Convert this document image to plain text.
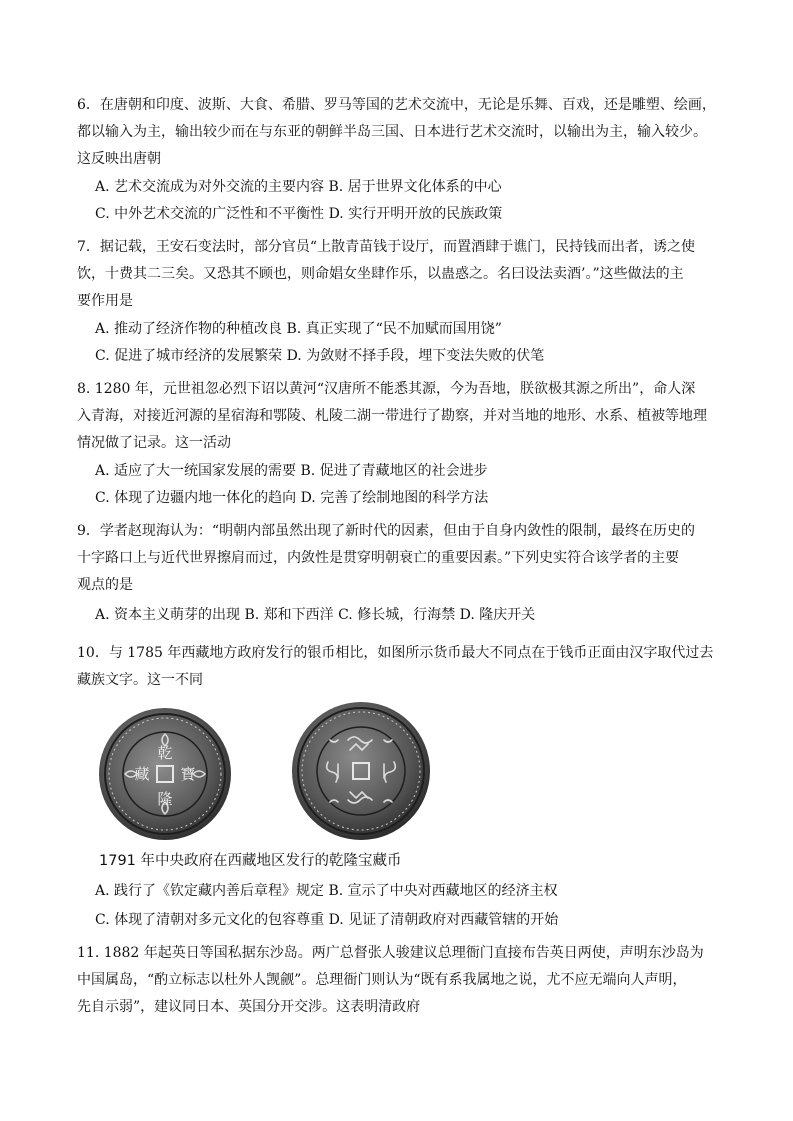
6．在唐朝和印度、波斯、大食、希腊、罗马等国的艺术交流中，无论是乐舞、百戏，还是雕塑、绘画，
都以输入为主，输出较少而在与东亚的朝鲜半岛三国、日本进行艺术交流时，以输出为主，输入较少。
这反映出唐朝
A. 艺术交流成为对外交流的主要内容 B. 居于世界文化体系的中心
C. 中外艺术交流的广泛性和不平衡性 D. 实行开明开放的民族政策
7．据记载，王安石变法时，部分官员“上散青苗钱于设厅，而置酒肆于谯门，民持钱而出者，诱之使
饮，十费其二三矣。又恐其不顾也，则命娼女坐肆作乐，以蛊惑之。名曰设法卖酒’。”这些做法的主
要作用是
A. 推动了经济作物的种植改良 B. 真正实现了“民不加赋而国用饶”
C. 促进了城市经济的发展繁荣 D. 为敛财不择手段，埋下变法失败的伏笔
8. 1280 年，元世祖忽必烈下诏以黄河“汉唐所不能悉其源，今为吾地，朕欲极其源之所出”，命人深
入青海，对接近河源的星宿海和鄂陵、札陵二湖一带进行了勘察，并对当地的地形、水系、植被等地理
情况做了记录。这一活动
A. 适应了大一统国家发展的需要 B. 促进了青藏地区的社会进步
C. 体现了边疆内地一体化的趋向 D. 完善了绘制地图的科学方法
9．学者赵现海认为：“明朝内部虽然出现了新时代的因素，但由于自身内敛性的限制，最终在历史的
十字路口上与近代世界擦肩而过，内敛性是贯穿明朝衰亡的重要因素。”下列史实符合该学者的主要
观点的是
A. 资本主义萌芽的出现 B. 郑和下西洋 C. 修长城，行海禁 D. 隆庆开关
10．与 1785 年西藏地方政府发行的银币相比，如图所示货币最大不同点在于钱币正面由汉字取代过去
藏族文字。这一不同
乾
隆
寶
藏
1791 年中央政府在西藏地区发行的乾隆宝藏币
A. 践行了《钦定藏内善后章程》规定 B. 宣示了中央对西藏地区的经济主权
C. 体现了清朝对多元文化的包容尊重 D. 见证了清朝政府对西藏管辖的开始
11. 1882 年起英日等国私据东沙岛。两广总督张人骏建议总理衙门直接布告英日两使，声明东沙岛为
中国属岛，“酌立标志以杜外人觊觎”。总理衙门则认为“既有系我属地之说，尤不应无端向人声明，
先自示弱”，建议同日本、英国分开交涉。这表明清政府
